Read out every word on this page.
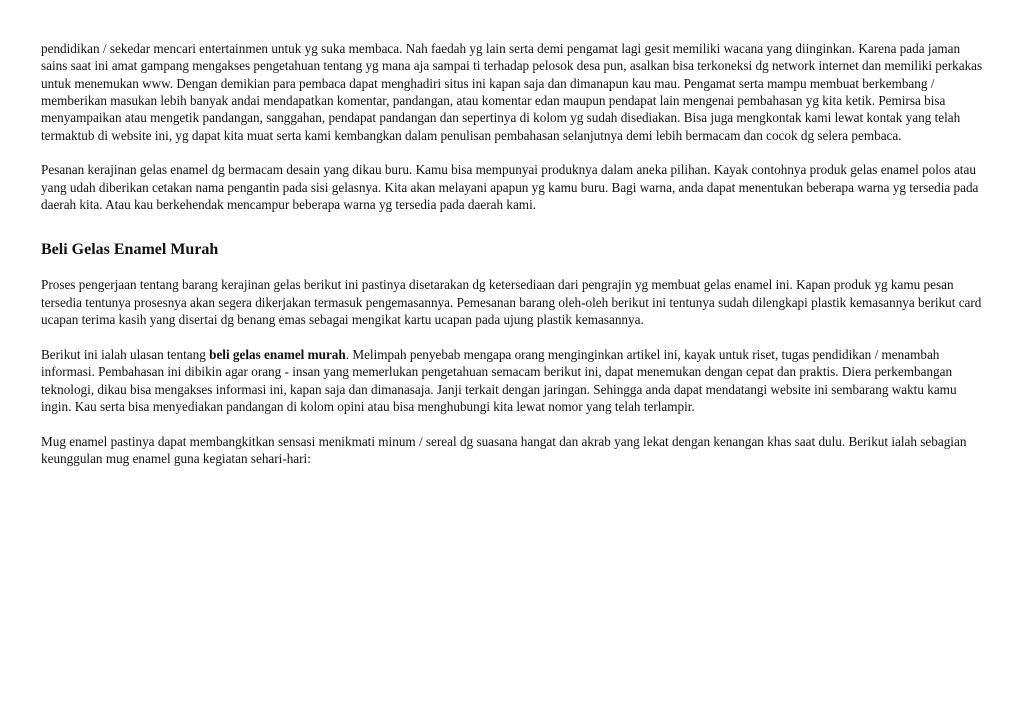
pendidikan / sekedar mencari entertainmen untuk yg suka membaca. Nah faedah yg lain serta demi pengamat lagi gesit memiliki wacana yang diinginkan. Karena pada jaman sains saat ini amat gampang mengakses pengetahuan tentang yg mana aja sampai ti terhadap pelosok desa pun, asalkan bisa terkoneksi dg network internet dan memiliki perkakas untuk menemukan www. Dengan demikian para pembaca dapat menghadiri situs ini kapan saja dan dimanapun kau mau. Pengamat serta mampu membuat berkembang / memberikan masukan lebih banyak andai mendapatkan komentar, pandangan, atau komentar edan maupun pendapat lain mengenai pembahasan yg kita ketik. Pemirsa bisa menyampaikan atau mengetik pandangan, sanggahan, pendapat pandangan dan sepertinya di kolom yg sudah disediakan. Bisa juga mengkontak kami lewat kontak yang telah termaktub di website ini, yg dapat kita muat serta kami kembangkan dalam penulisan pembahasan selanjutnya demi lebih bermacam dan cocok dg selera pembaca.

Pesanan kerajinan gelas enamel dg bermacam desain yang dikau buru. Kamu bisa mempunyai produknya dalam aneka pilihan. Kayak contohnya produk gelas enamel polos atau yang udah diberikan cetakan nama pengantin pada sisi gelasnya. Kita akan melayani apapun yg kamu buru. Bagi warna, anda dapat menentukan beberapa warna yg tersedia pada daerah kita. Atau kau berkehendak mencampur beberapa warna yg tersedia pada daerah kami.

Beli Gelas Enamel Murah

Proses pengerjaan tentang barang kerajinan gelas berikut ini pastinya disetarakan dg ketersediaan dari pengrajin yg membuat gelas enamel ini. Kapan produk yg kamu pesan tersedia tentunya prosesnya akan segera dikerjakan termasuk pengemasannya. Pemesanan barang oleh-oleh berikut ini tentunya sudah dilengkapi plastik kemasannya berikut card ucapan terima kasih yang disertai dg benang emas sebagai mengikat kartu ucapan pada ujung plastik kemasannya.

Berikut ini ialah ulasan tentang beli gelas enamel murah. Melimpah penyebab mengapa orang menginginkan artikel ini, kayak untuk riset, tugas pendidikan / menambah informasi. Pembahasan ini dibikin agar orang - insan yang memerlukan pengetahuan semacam berikut ini, dapat menemukan dengan cepat dan praktis. Diera perkembangan teknologi, dikau bisa mengakses informasi ini, kapan saja dan dimanasaja. Janji terkait dengan jaringan. Sehingga anda dapat mendatangi website ini sembarang waktu kamu ingin. Kau serta bisa menyediakan pandangan di kolom opini atau bisa menghubungi kita lewat nomor yang telah terlampir.

Mug enamel pastinya dapat membangkitkan sensasi menikmati minum / sereal dg suasana hangat dan akrab yang lekat dengan kenangan khas saat dulu. Berikut ialah sebagian keunggulan mug enamel guna kegiatan sehari-hari:
